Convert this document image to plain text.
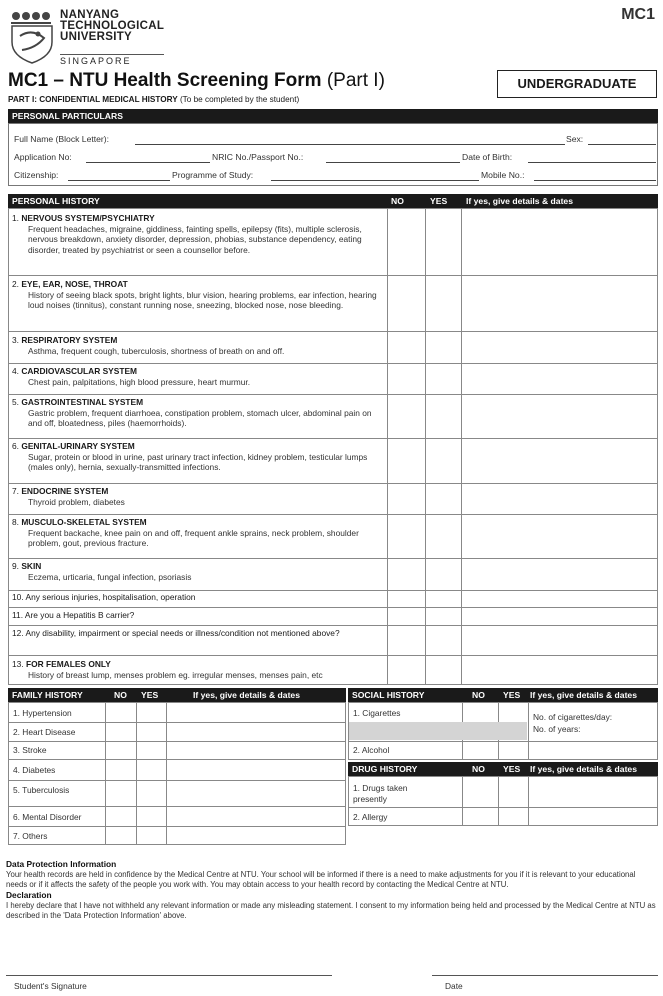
MC1
NANYANG
TECHNOLOGICAL
UNIVERSITY
SINGAPORE
MC1 – NTU Health Screening Form (Part I)	UNDERGRADUATE
PART I: CONFIDENTIAL MEDICAL HISTORY (To be completed by the student)
PERSONAL PARTICULARS
Full Name (Block Letter):	Sex:
Application No:	NRIC No./Passport No.:	Date of Birth:
Citizenship:	Programme of Study:	Mobile No.:
PERSONAL HISTORY	NO	YES If yes, give details & dates
1. NERVOUS SYSTEM/PSYCHIATRY
Frequent headaches, migraine, giddiness, fainting spells, epilepsy (fits), multiple sclerosis, nervous breakdown, anxiety disorder, depression, phobias, substance dependency, eating disorder, treated by psychiatrist or seen a counsellor before.
2. EYE, EAR, NOSE, THROAT
History of seeing black spots, bright lights, blur vision, hearing problems, ear infection, hearing loud noises (tinnitus), constant running nose, sneezing, blocked nose, nose bleeding.
3. RESPIRATORY SYSTEM
Asthma, frequent cough, tuberculosis, shortness of breath on and off.
4. CARDIOVASCULAR SYSTEM
Chest pain, palpitations, high blood pressure, heart murmur.
5. GASTROINTESTINAL SYSTEM
Gastric problem, frequent diarrhoea, constipation problem, stomach ulcer, abdominal pain on and off, bloatedness, piles (haemorrhoids).
6. GENITAL-URINARY SYSTEM
Sugar, protein or blood in urine, past urinary tract infection, kidney problem, testicular lumps (males only), hernia, sexually-transmitted infections.
7. ENDOCRINE SYSTEM
Thyroid problem, diabetes
8. MUSCULO-SKELETAL SYSTEM
Frequent backache, knee pain on and off, frequent ankle sprains, neck problem, shoulder problem, gout, previous fracture.
9. SKIN
Eczema, urticaria, fungal infection, psoriasis
10. Any serious injuries, hospitalisation, operation
11. Are you a Hepatitis B carrier?
12. Any disability, impairment or special needs or illness/condition not mentioned above?
13. FOR FEMALES ONLY
History of breast lump, menses problem eg. irregular menses, menses pain, etc
FAMILY HISTORY	NO YES	If yes, give details & dates
1. Hypertension
2. Heart Disease
3. Stroke
4. Diabetes
5. Tuberculosis
6. Mental Disorder
7. Others
SOCIAL HISTORY	NO YES If yes, give details & dates
1. Cigarettes	No. of cigarettes/day:
No. of years:
2. Alcohol
DRUG HISTORY	NO YES If yes, give details & dates
1. Drugs taken
presently
2. Allergy
Data Protection Information
Your health records are held in confidence by the Medical Centre at NTU. Your school will be informed if there is a need to make adjustments for you if it is relevant to your educational needs or if it affects the safety of the people you work with. You may obtain access to your health record by contacting the Medical Centre at NTU.
Declaration
I hereby declare that I have not withheld any relevant information or made any misleading statement. I consent to my information being held and processed by the Medical Centre at NTU as described in the 'Data Protection Information' above.
Student's Signature	Date
